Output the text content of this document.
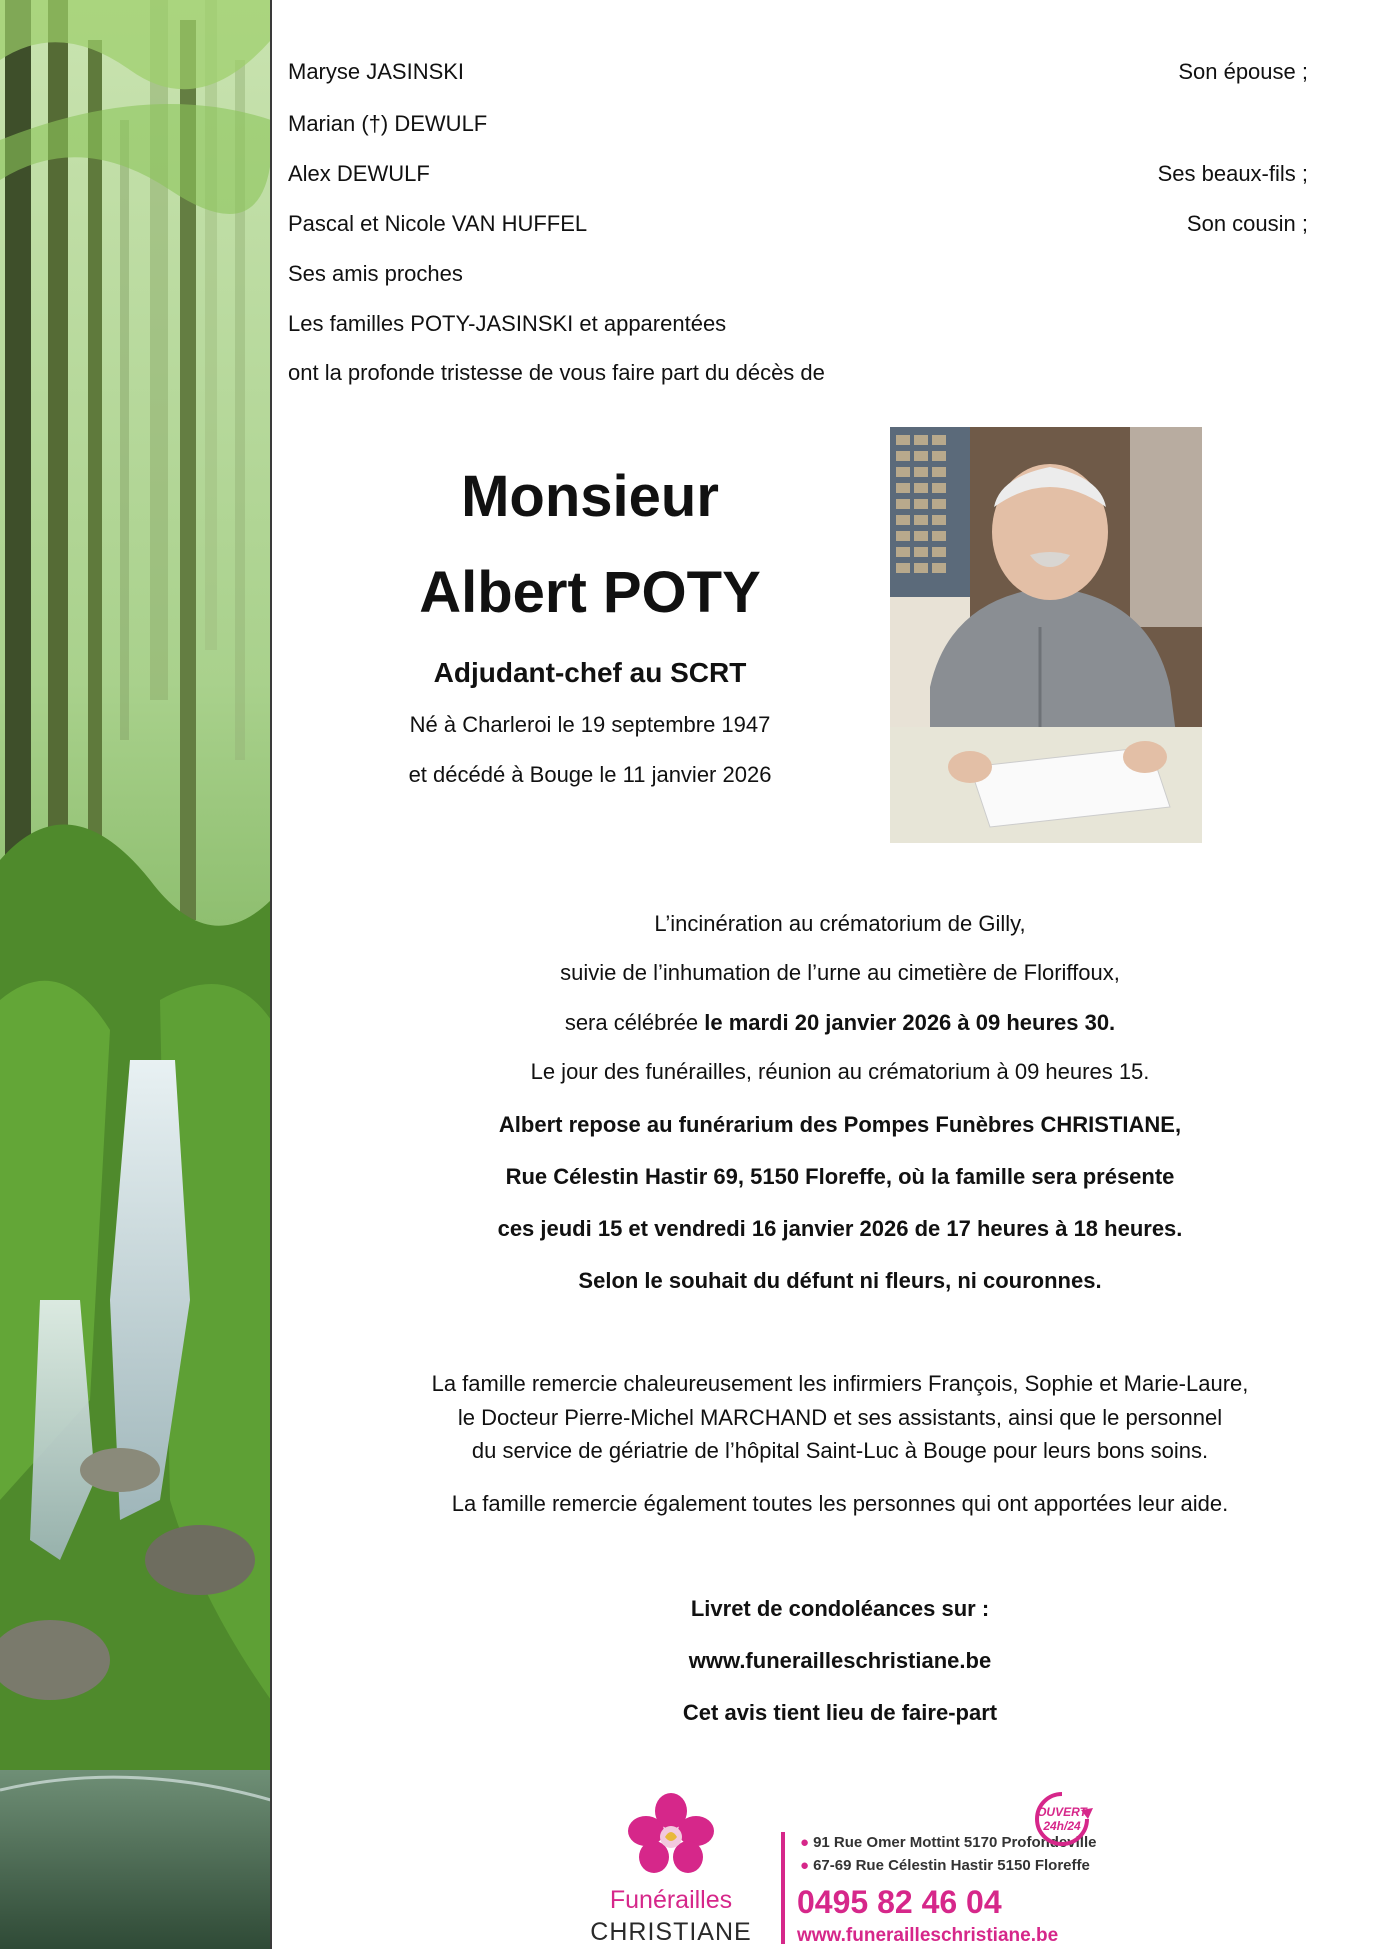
Maryse JASINSKI	Son épouse ;
Marian (†) DEWULF
Alex DEWULF	Ses beaux-fils ;
Pascal et Nicole VAN HUFFEL	Son cousin ;
Ses amis proches
Les familles POTY-JASINSKI et apparentées
ont la profonde tristesse de vous faire part du décès de
Monsieur
Albert POTY
Adjudant-chef au SCRT
Né à Charleroi le 19 septembre 1947
et décédé à Bouge le 11 janvier 2026
L’incinération au crématorium de Gilly,
suivie de l’inhumation de l’urne au cimetière de Floriffoux,
sera célébrée le mardi 20 janvier 2026 à 09 heures 30.
Le jour des funérailles, réunion au crématorium à 09 heures 15.
Albert repose au funérarium des Pompes Funèbres CHRISTIANE,
Rue Célestin Hastir 69, 5150 Floreffe, où la famille sera présente
ces jeudi 15 et vendredi 16 janvier 2026 de 17 heures à 18 heures.
Selon le souhait du défunt ni fleurs, ni couronnes.
La famille remercie chaleureusement les infirmiers François, Sophie et Marie-Laure,
le Docteur Pierre-Michel MARCHAND et ses assistants, ainsi que le personnel
du service de gériatrie de l’hôpital Saint-Luc à Bouge pour leurs bons soins.
La famille remercie également toutes les personnes qui ont apportées leur aide.
Livret de condoléances sur :
www.funerailleschristiane.be
Cet avis tient lieu de faire-part
Funérailles
CHRISTIANE
● 91 Rue Omer Mottint 5170 Profondeville
● 67-69 Rue Célestin Hastir 5150 Floreffe
0495 82 46 04
www.funerailleschristiane.be
OUVERT
24h/24
